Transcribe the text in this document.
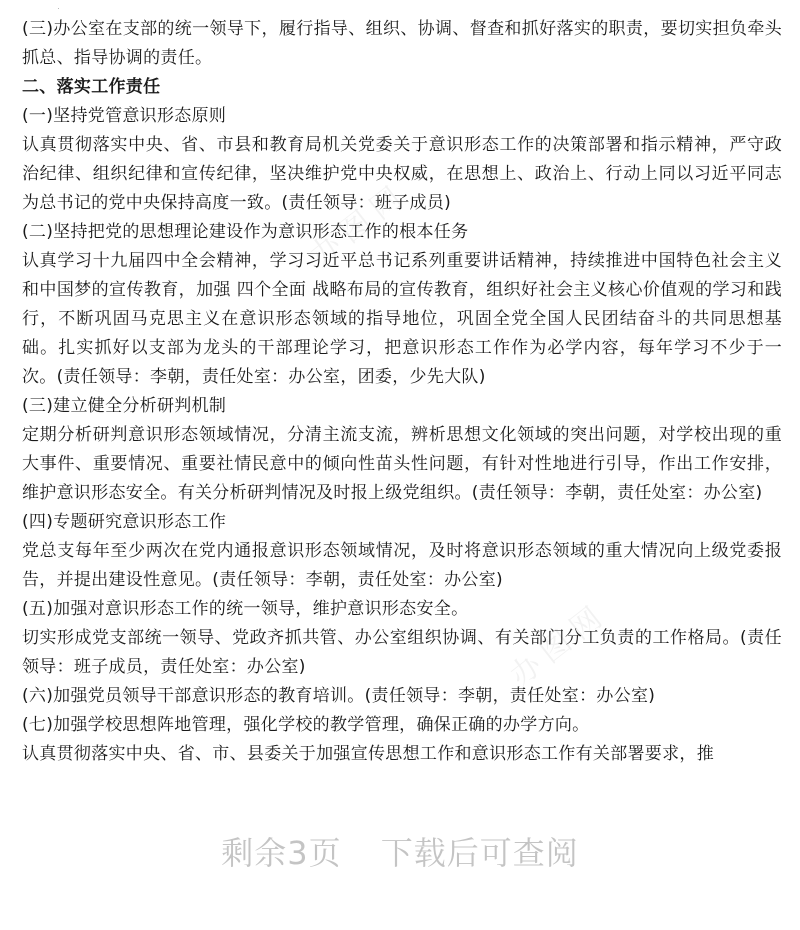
(三)办公室在支部的统一领导下，履行指导、组织、协调、督查和抓好落实的职责，要切实担负牵头抓总、指导协调的责任。

二、落实工作责任

(一)坚持党管意识形态原则

认真贯彻落实中央、省、市县和教育局机关党委关于意识形态工作的决策部署和指示精神，严守政治纪律、组织纪律和宣传纪律，坚决维护党中央权威，在思想上、政治上、行动上同以习近平同志为总书记的党中央保持高度一致。(责任领导：班子成员)

(二)坚持把党的思想理论建设作为意识形态工作的根本任务

认真学习十九届四中全会精神，学习习近平总书记系列重要讲话精神，持续推进中国特色社会主义和中国梦的宣传教育，加强 四个全面 战略布局的宣传教育，组织好社会主义核心价值观的学习和践行，不断巩固马克思主义在意识形态领域的指导地位，巩固全党全国人民团结奋斗的共同思想基础。扎实抓好以支部为龙头的干部理论学习，把意识形态工作作为必学内容，每年学习不少于一次。(责任领导：李朝，责任处室：办公室，团委，少先大队)

(三)建立健全分析研判机制

定期分析研判意识形态领域情况，分清主流支流，辨析思想文化领域的突出问题，对学校出现的重大事件、重要情况、重要社情民意中的倾向性苗头性问题，有针对性地进行引导，作出工作安排，维护意识形态安全。有关分析研判情况及时报上级党组织。(责任领导：李朝，责任处室：办公室)

(四)专题研究意识形态工作

党总支每年至少两次在党内通报意识形态领域情况，及时将意识形态领域的重大情况向上级党委报告，并提出建设性意见。(责任领导：李朝，责任处室：办公室)

(五)加强对意识形态工作的统一领导，维护意识形态安全。

切实形成党支部统一领导、党政齐抓共管、办公室组织协调、有关部门分工负责的工作格局。(责任领导：班子成员，责任处室：办公室)

(六)加强党员领导干部意识形态的教育培训。(责任领导：李朝，责任处室：办公室)

(七)加强学校思想阵地管理，强化学校的教学管理，确保正确的办学方向。

认真贯彻落实中央、省、市、县委关于加强宣传思想工作和意识形态工作有关部署要求，推

办图网
办图网
剩余3页 下载后可查阅
